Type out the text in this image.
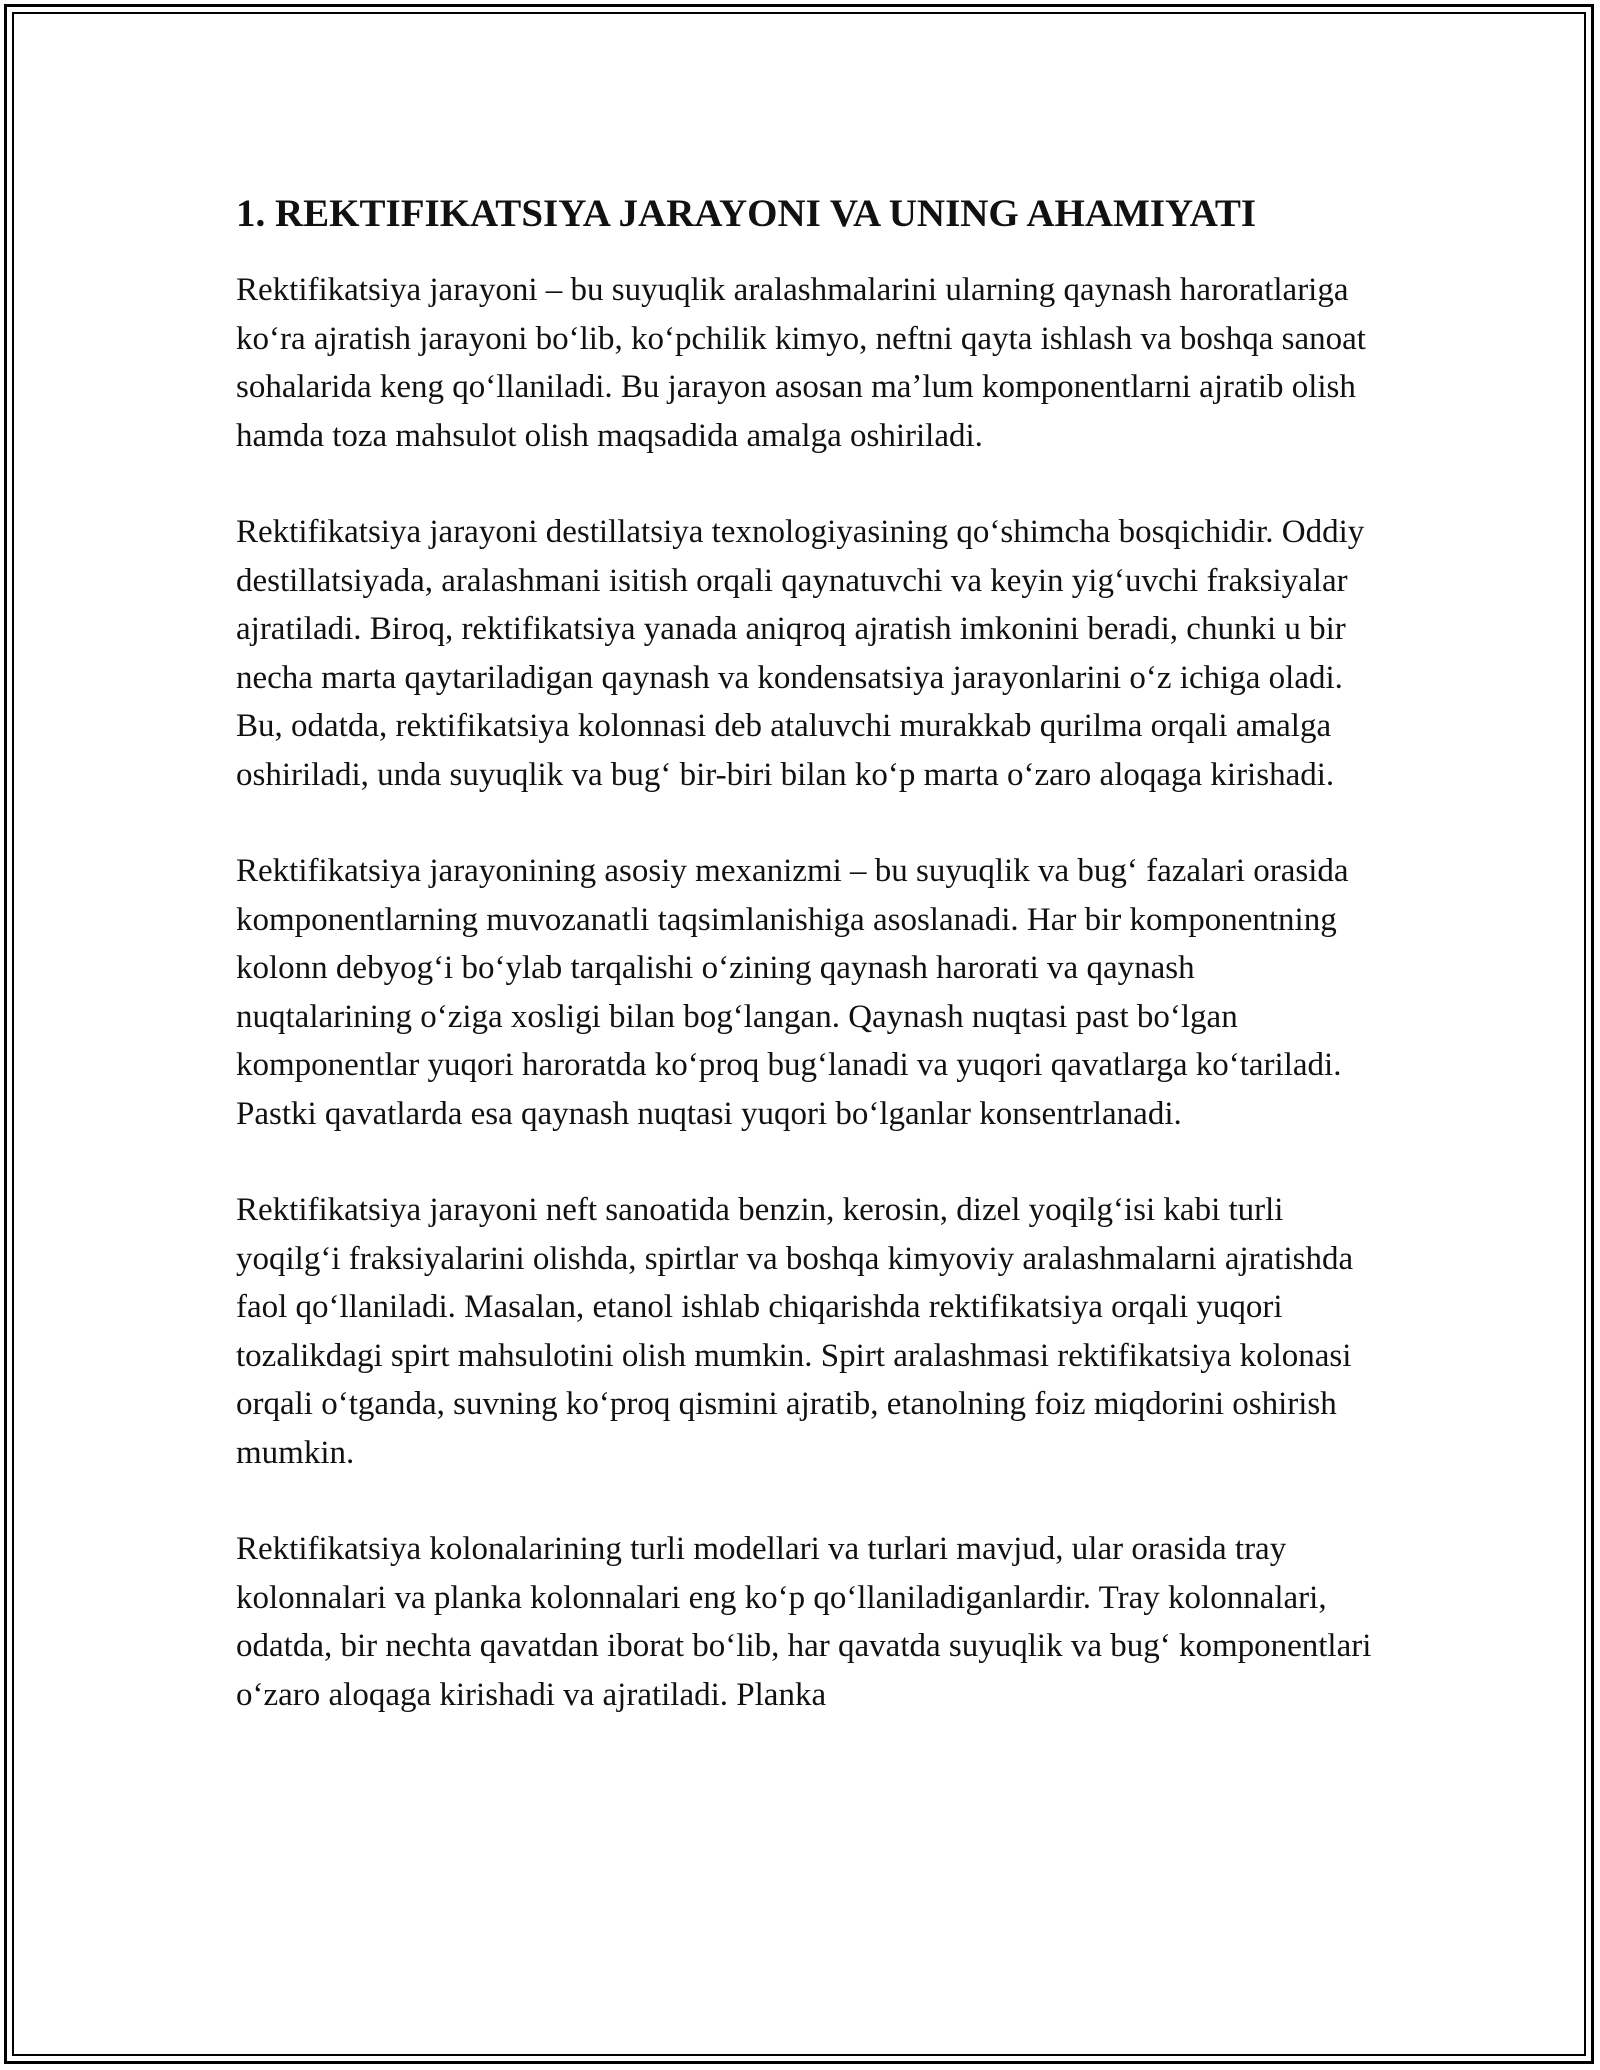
1. REKTIFIKATSIYA JARAYONI VA UNING AHAMIYATI

Rektifikatsiya jarayoni – bu suyuqlik aralashmalarini ularning qaynash haroratlariga koʻra ajratish jarayoni boʻlib, koʻpchilik kimyo, neftni qayta ishlash va boshqa sanoat sohalarida keng qoʻllaniladi. Bu jarayon asosan maʼlum komponentlarni ajratib olish hamda toza mahsulot olish maqsadida amalga oshiriladi.

Rektifikatsiya jarayoni destillatsiya texnologiyasining qoʻshimcha bosqichidir. Oddiy destillatsiyada, aralashmani isitish orqali qaynatuvchi va keyin yigʻuvchi fraksiyalar ajratiladi. Biroq, rektifikatsiya yanada aniqroq ajratish imkonini beradi, chunki u bir necha marta qaytariladigan qaynash va kondensatsiya jarayonlarini oʻz ichiga oladi. Bu, odatda, rektifikatsiya kolonnasi deb ataluvchi murakkab qurilma orqali amalga oshiriladi, unda suyuqlik va bugʻ bir-biri bilan koʻp marta oʻzaro aloqaga kirishadi.

Rektifikatsiya jarayonining asosiy mexanizmi – bu suyuqlik va bugʻ fazalari orasida komponentlarning muvozanatli taqsimlanishiga asoslanadi. Har bir komponentning kolonn debyogʻi boʻylab tarqalishi oʻzining qaynash harorati va qaynash nuqtalarining oʻziga xosligi bilan bogʻlangan. Qaynash nuqtasi past boʻlgan komponentlar yuqori haroratda koʻproq bugʻlanadi va yuqori qavatlarga koʻtariladi. Pastki qavatlarda esa qaynash nuqtasi yuqori boʻlganlar konsentrlanadi.

Rektifikatsiya jarayoni neft sanoatida benzin, kerosin, dizel yoqilgʻisi kabi turli yoqilgʻi fraksiyalarini olishda, spirtlar va boshqa kimyoviy aralashmalarni ajratishda faol qoʻllaniladi. Masalan, etanol ishlab chiqarishda rektifikatsiya orqali yuqori tozalikdagi spirt mahsulotini olish mumkin. Spirt aralashmasi rektifikatsiya kolonasi orqali oʻtganda, suvning koʻproq qismini ajratib, etanolning foiz miqdorini oshirish mumkin.

Rektifikatsiya kolonalarining turli modellari va turlari mavjud, ular orasida tray kolonnalari va planka kolonnalari eng koʻp qoʻllaniladiganlardir. Tray kolonnalari, odatda, bir nechta qavatdan iborat boʻlib, har qavatda suyuqlik va bugʻ komponentlari oʻzaro aloqaga kirishadi va ajratiladi. Planka
